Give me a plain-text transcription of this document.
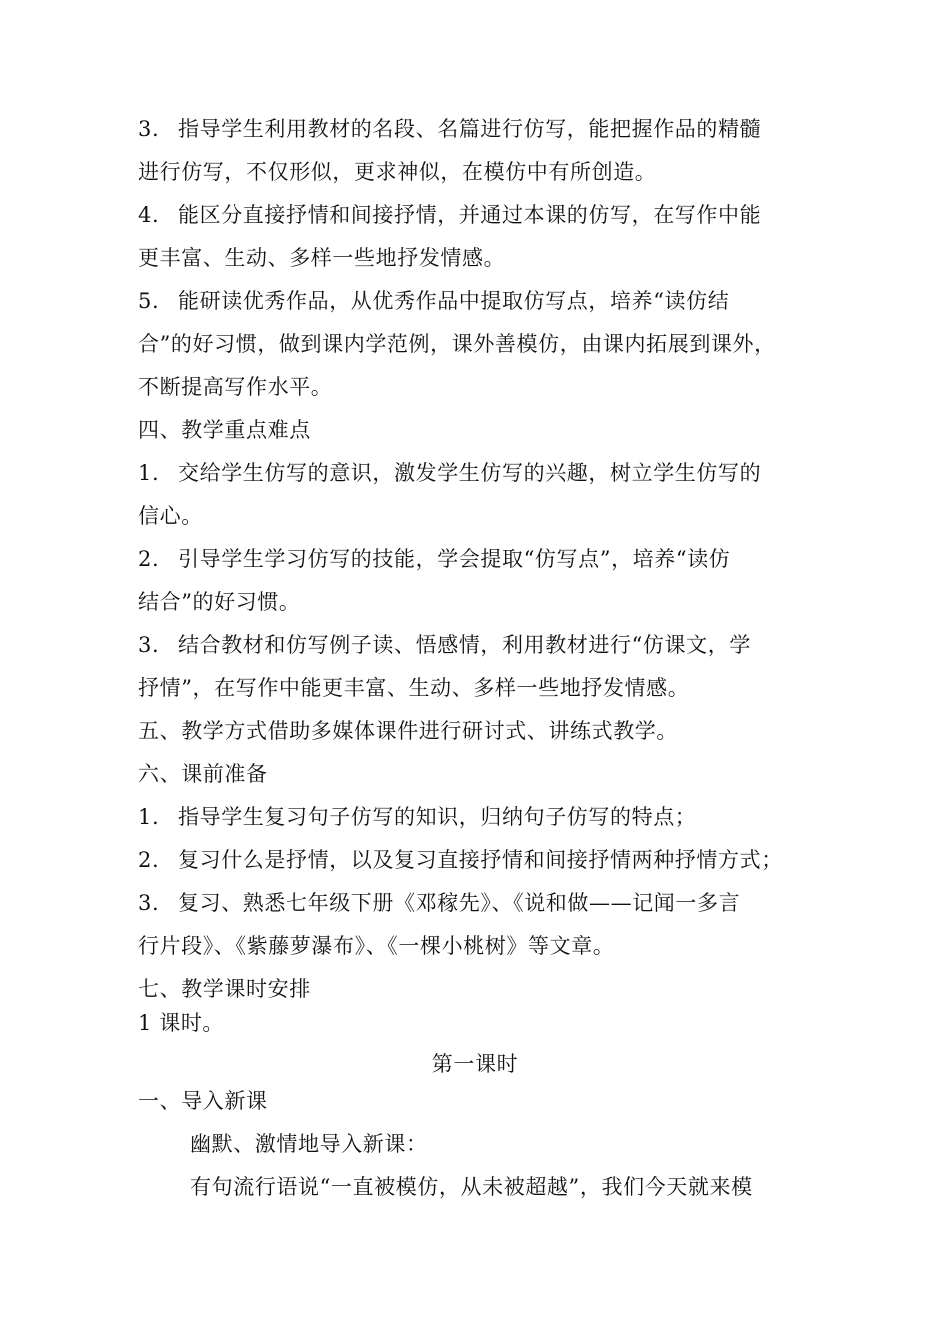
3. 指导学生利用教材的名段、名篇进行仿写，能把握作品的精髓
进行仿写，不仅形似，更求神似，在模仿中有所创造。
4. 能区分直接抒情和间接抒情，并通过本课的仿写，在写作中能
更丰富、生动、多样一些地抒发情感。
5. 能研读优秀作品，从优秀作品中提取仿写点，培养“读仿结
合”的好习惯，做到课内学范例，课外善模仿，由课内拓展到课外，
不断提高写作水平。
四、教学重点难点
1. 交给学生仿写的意识，激发学生仿写的兴趣，树立学生仿写的
信心。
2. 引导学生学习仿写的技能，学会提取“仿写点”，培养“读仿
结合”的好习惯。
3. 结合教材和仿写例子读、悟感情，利用教材进行“仿课文，学
抒情”，在写作中能更丰富、生动、多样一些地抒发情感。
五、教学方式借助多媒体课件进行研讨式、讲练式教学。
六、课前准备
1. 指导学生复习句子仿写的知识，归纳句子仿写的特点；
2. 复习什么是抒情，以及复习直接抒情和间接抒情两种抒情方式；
3. 复习、熟悉七年级下册《邓稼先》、《说和做——记闻一多言
行片段》、《紫藤萝瀑布》、《一棵小桃树》等文章。
七、教学课时安排
1 课时。
第一课时
一、导入新课
幽默、激情地导入新课：
有句流行语说“一直被模仿，从未被超越”，我们今天就来模
